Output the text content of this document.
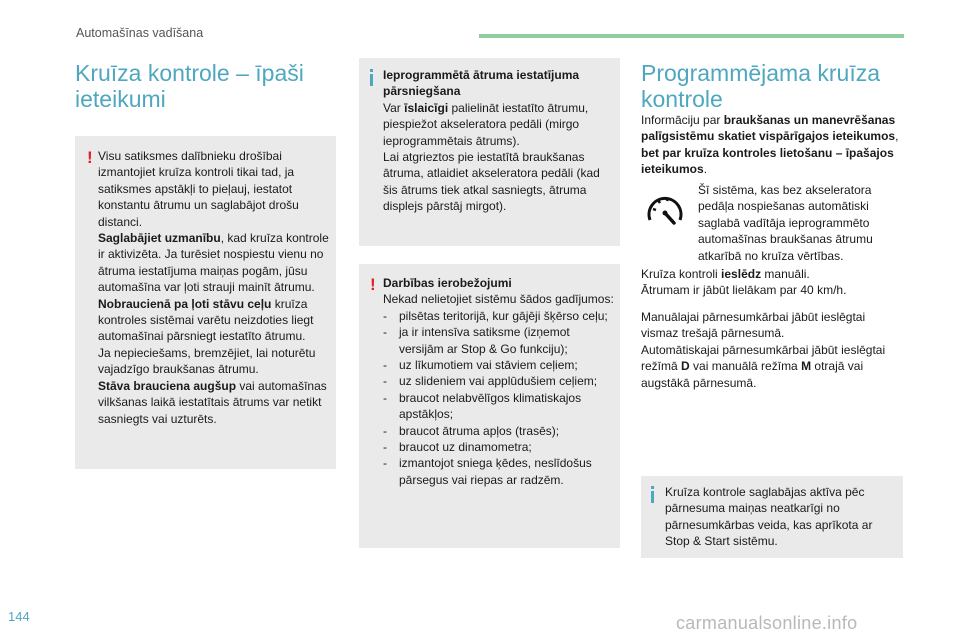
Automašīnas vadīšana
Kruīza kontrole – īpaši
ieteikumi
! Visu satiksmes dalībnieku drošībai izmantojiet kruīza kontroli tikai tad, ja satiksmes apstākļi to pieļauj, iestatot konstantu ātrumu un saglabājot drošu distanci.

Saglabājiet uzmanību, kad kruīza kontrole ir aktivizēta. Ja turēsiet nospiestu vienu no ātruma iestatījuma maiņas pogām, jūsu automašīna var ļoti strauji mainīt ātrumu.

Nobraucienā pa ļoti stāvu ceļu kruīza kontroles sistēmai varētu neizdoties liegt automašīnai pārsniegt iestatīto ātrumu.

Ja nepieciešams, bremzējiet, lai noturētu vajadzīgo braukšanas ātrumu.

Stāva brauciena augšup vai automašīnas vilkšanas laikā iestatītais ātrums var netikt sasniegts vai uzturēts.

Ieprogrammētā ātruma iestatījuma pārsniegšana

Var īslaicīgi palielināt iestatīto ātrumu, piespiežot akseleratora pedāli (mirgo ieprogrammētais ātrums).

Lai atgrieztos pie iestatītā braukšanas ātruma, atlaidiet akseleratora pedāli (kad šis ātrums tiek atkal sasniegts, ātruma displejs pārstāj mirgot).

! Darbības ierobežojumi

Nekad nelietojiet sistēmu šādos gadījumos:

- pilsētas teritorijā, kur gājēji šķērso ceļu;
- ja ir intensīva satiksme (izņemot versijām ar Stop & Go funkciju);
- uz līkumotiem vai stāviem ceļiem;
- uz slideniem vai applūdušiem ceļiem;
- braucot nelabvēlīgos klimatiskajos apstākļos;
- braucot ātruma apļos (trasēs);
- braucot uz dinamometra;
- izmantojot sniega ķēdes, neslīdošus pārsegus vai riepas ar radzēm.
Programmējama kruīza
kontrole
Informāciju par braukšanas un manevrēšanas palīgsistēmu skatiet vispārīgajos ieteikumos, bet par kruīza kontroles lietošanu – īpašajos ieteikumos.
Šī sistēma, kas bez akseleratora pedāļa nospiešanas automātiski saglabā vadītāja ieprogrammēto automašīnas braukšanas ātrumu atkarībā no kruīza vērtības.

Kruīza kontroli ieslēdz manuāli.

Ātrumam ir jābūt lielākam par 40 km/h.

Manuālajai pārnesumkārbai jābūt ieslēgtai vismaz trešajā pārnesumā.

Automātiskajai pārnesumkārbai jābūt ieslēgtai režīmā D vai manuālā režīma M otrajā vai augstākā pārnesumā.

Kruīza kontrole saglabājas aktīva pēc pārnesuma maiņas neatkarīgi no pārnesumkārbas veida, kas aprīkota ar Stop & Start sistēmu.
144	carmanualsonline.info
